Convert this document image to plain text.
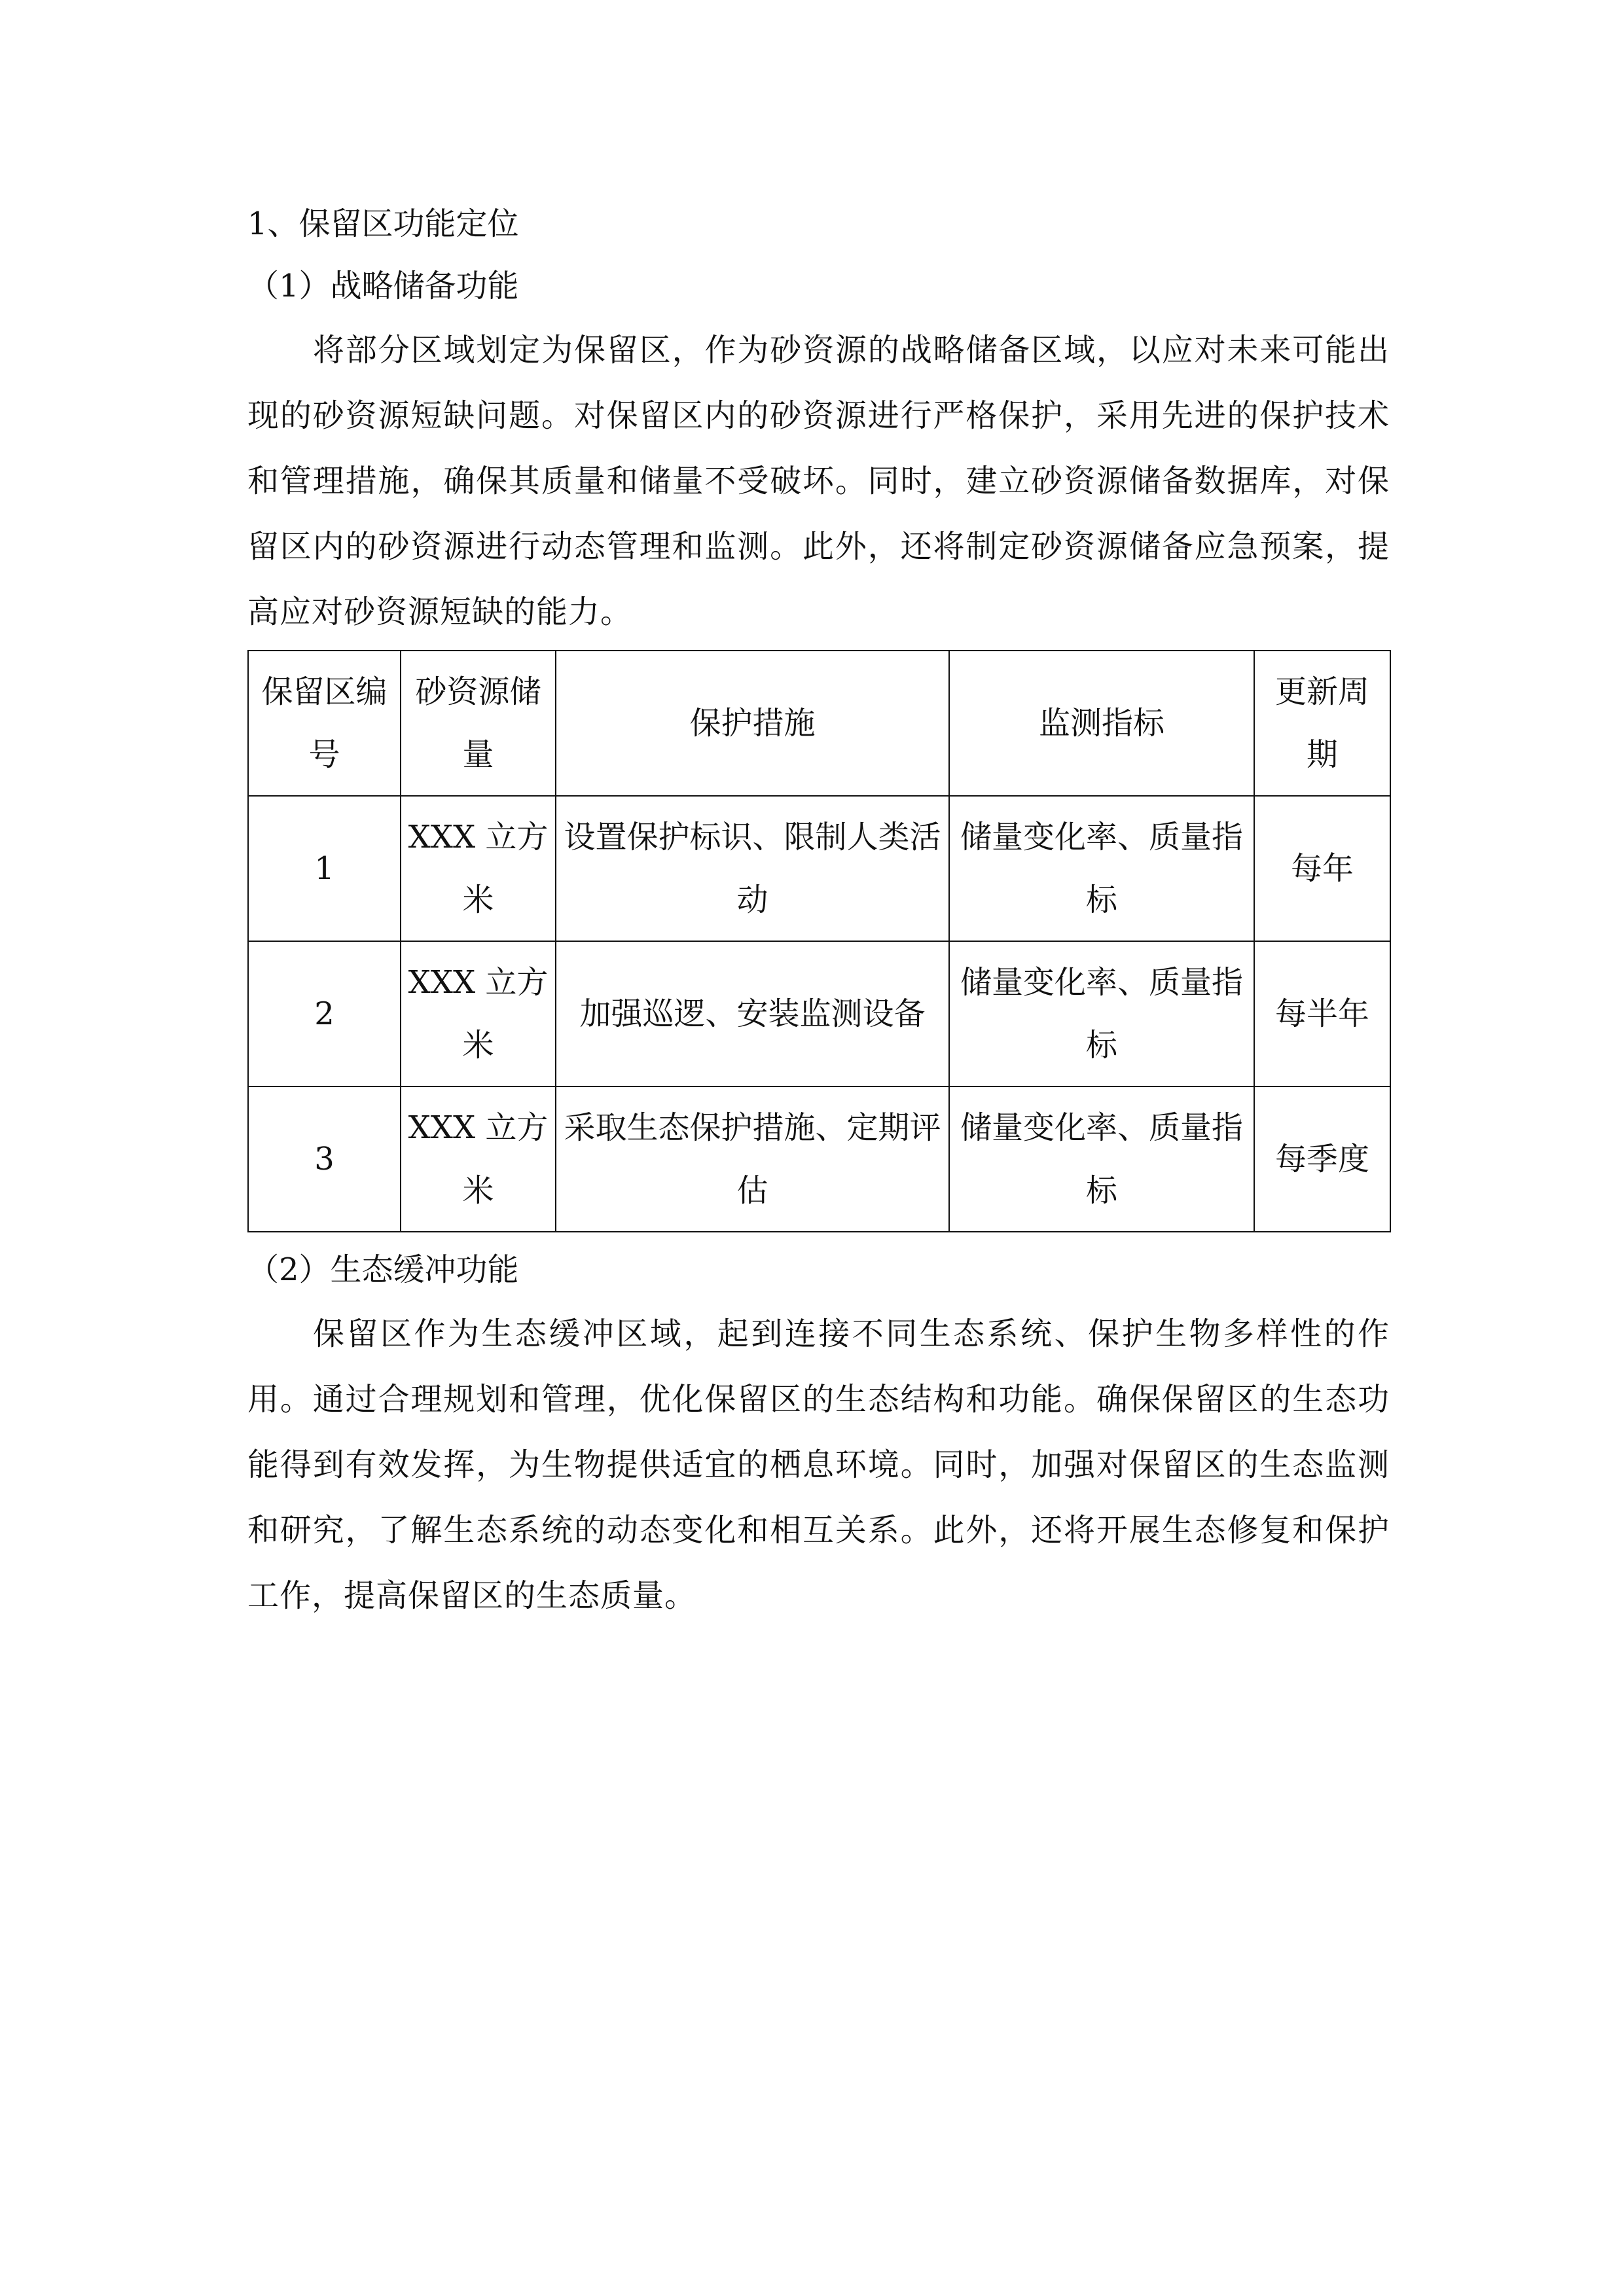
1、保留区功能定位

（1）战略储备功能

将部分区域划定为保留区，作为砂资源的战略储备区域，以应对未来可能出现的砂资源短缺问题。对保留区内的砂资源进行严格保护，采用先进的保护技术和管理措施，确保其质量和储量不受破坏。同时，建立砂资源储备数据库，对保留区内的砂资源进行动态管理和监测。此外，还将制定砂资源储备应急预案，提高应对砂资源短缺的能力。

保留区编号	砂资源储量	保护措施	监测指标	更新周期
1	XXX 立方米	设置保护标识、限制人类活动	储量变化率、质量指标	每年
2	XXX 立方米	加强巡逻、安装监测设备	储量变化率、质量指标	每半年
3	XXX 立方米	采取生态保护措施、定期评估	储量变化率、质量指标	每季度

（2）生态缓冲功能

保留区作为生态缓冲区域，起到连接不同生态系统、保护生物多样性的作用。通过合理规划和管理，优化保留区的生态结构和功能。确保保留区的生态功能得到有效发挥，为生物提供适宜的栖息环境。同时，加强对保留区的生态监测和研究，了解生态系统的动态变化和相互关系。此外，还将开展生态修复和保护工作，提高保留区的生态质量。
